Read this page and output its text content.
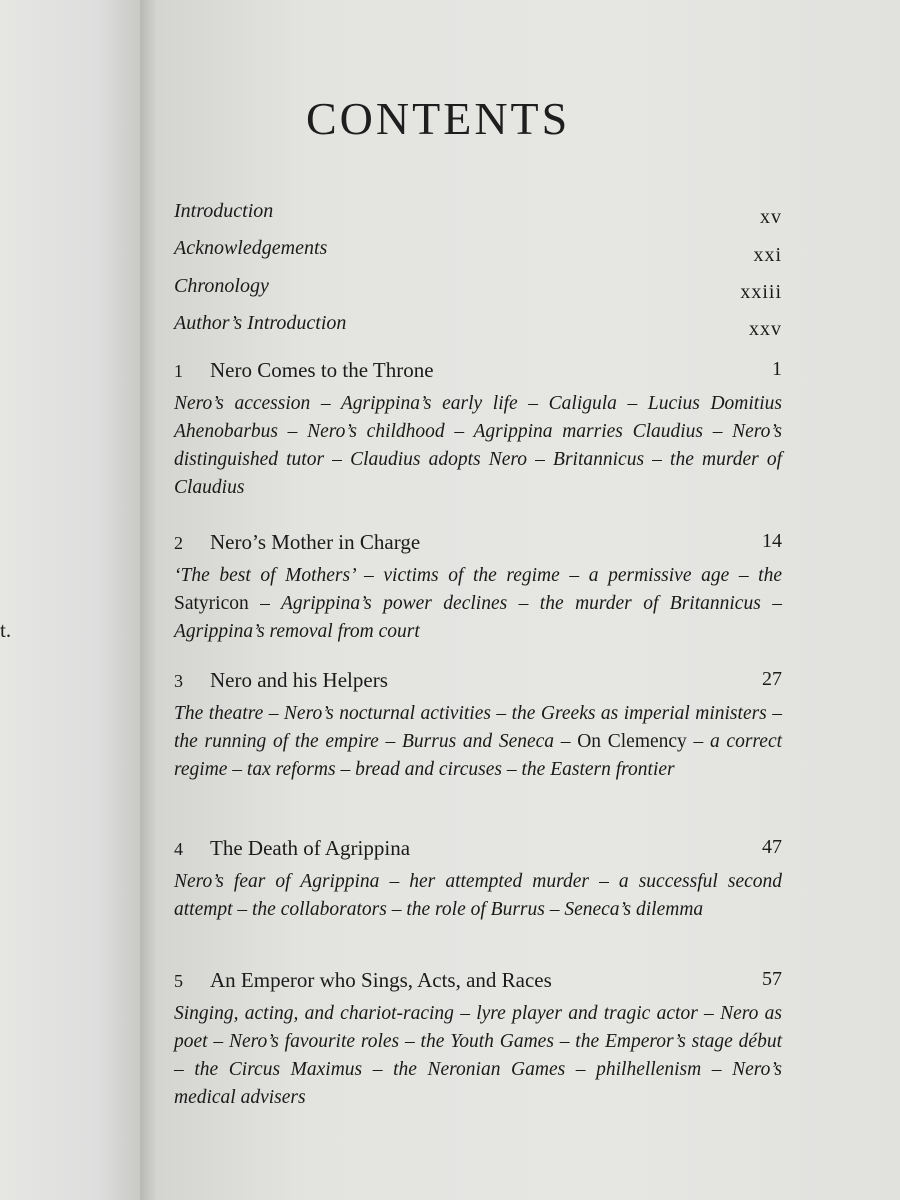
t.
CONTENTS
Introduction	xv
Acknowledgements	xxi
Chronology	xxiii
Author’s Introduction	xxv
1 Nero Comes to the Throne	1
Nero’s accession – Agrippina’s early life – Caligula – Lucius Domitius Ahenobarbus – Nero’s childhood – Agrippina marries Claudius – Nero’s distinguished tutor – Claudius adopts Nero – Britannicus – the murder of Claudius
2 Nero’s Mother in Charge	14
‘The best of Mothers’ – victims of the regime – a permissive age – the Satyricon – Agrippina’s power declines – the murder of Britannicus – Agrippina’s removal from court
3 Nero and his Helpers	27
The theatre – Nero’s nocturnal activities – the Greeks as imperial ministers – the running of the empire – Burrus and Seneca – On Clemency – a correct regime – tax reforms – bread and circuses – the Eastern frontier
4 The Death of Agrippina	47
Nero’s fear of Agrippina – her attempted murder – a successful second attempt – the collaborators – the role of Burrus – Seneca’s dilemma
5 An Emperor who Sings, Acts, and Races	57
Singing, acting, and chariot-racing – lyre player and tragic actor – Nero as poet – Nero’s favourite roles – the Youth Games – the Emperor’s stage début – the Circus Maximus – the Neronian Games – philhellenism – Nero’s medical advisers
